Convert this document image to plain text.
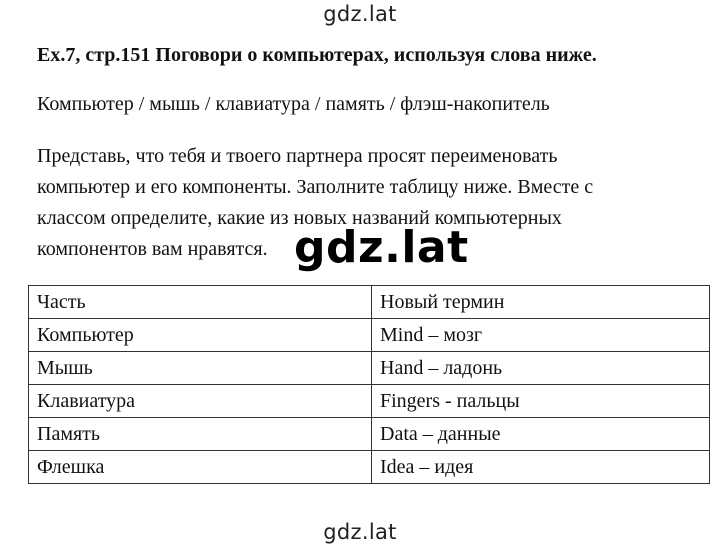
gdz.lat
Ex.7, стр.151 Поговори о компьютерах, используя слова ниже.
Компьютер / мышь / клавиатура / память / флэш-накопитель
Представь, что тебя и твоего партнера просят переименовать
компьютер и его компоненты. Заполните таблицу ниже. Вместе с
классом определите, какие из новых названий компьютерных
компонентов вам нравятся. gdz.lat
Часть	Новый термин
Компьютер	Mind – мозг
Мышь	Hand – ладонь
Клавиатура	Fingers - пальцы
Память	Data – данные
Флешка	Idea – идея
gdz.lat
